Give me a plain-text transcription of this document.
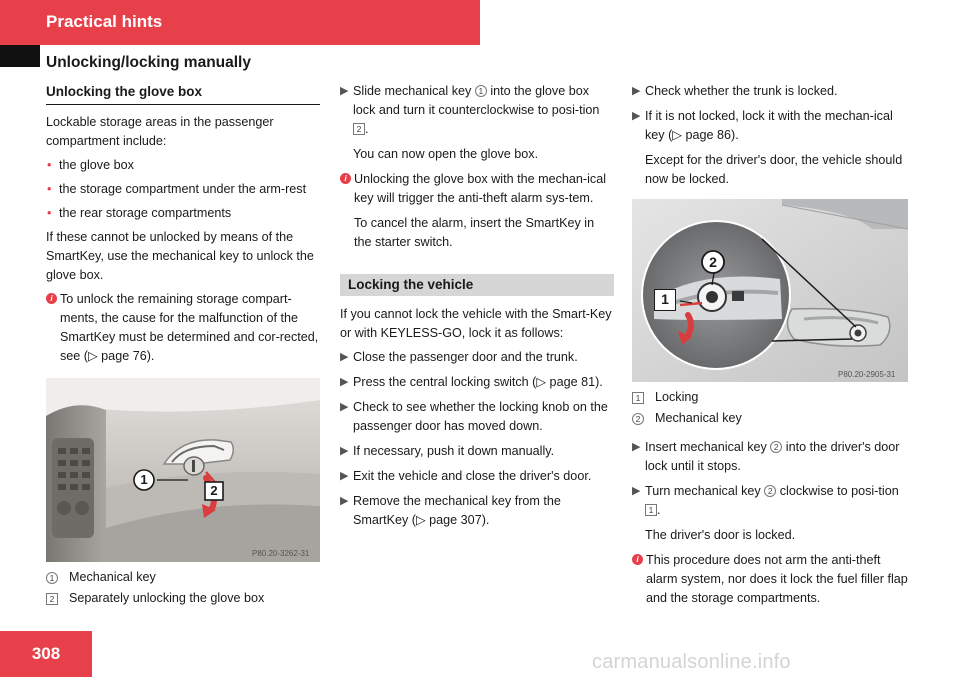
Practical hints
Unlocking/locking manually
Unlocking the glove box

Lockable storage areas in the passenger compartment include:

• the glove box
• the storage compartment under the arm-rest
• the rear storage compartments

If these cannot be unlocked by means of the SmartKey, use the mechanical key to unlock the glove box.

i To unlock the remaining storage compart-ments, the cause for the malfunction of the SmartKey must be determined and cor-rected, see (▷ page 76).
1
2
P80.20-3262-31
1 Mechanical key
2 Separately unlocking the glove box
▶ Slide mechanical key 1 into the glove box lock and turn it counterclockwise to posi-tion 2 .
You can now open the glove box.
i Unlocking the glove box with the mechan-ical key will trigger the anti-theft alarm sys-tem.
To cancel the alarm, insert the SmartKey in the starter switch.
Locking the vehicle

If you cannot lock the vehicle with the Smart-Key or with KEYLESS-GO, lock it as follows:

▶ Close the passenger door and the trunk.
▶ Press the central locking switch (▷ page 81).
▶ Check to see whether the locking knob on the passenger door has moved down.
▶ If necessary, push it down manually.
▶ Exit the vehicle and close the driver's door.
▶ Remove the mechanical key from the SmartKey (▷ page 307).
▶ Check whether the trunk is locked.
▶ If it is not locked, lock it with the mechan-ical key (▷ page 86).
Except for the driver's door, the vehicle should now be locked.
2
1
P80.20-2905-31
1 Locking
2 Mechanical key
▶ Insert mechanical key 2 into the driver's door lock until it stops.
▶ Turn mechanical key 2 clockwise to posi-tion 1 .
The driver's door is locked.
i This procedure does not arm the anti-theft alarm system, nor does it lock the fuel filler flap and the storage compartments.
308	carmanualsonline.info
